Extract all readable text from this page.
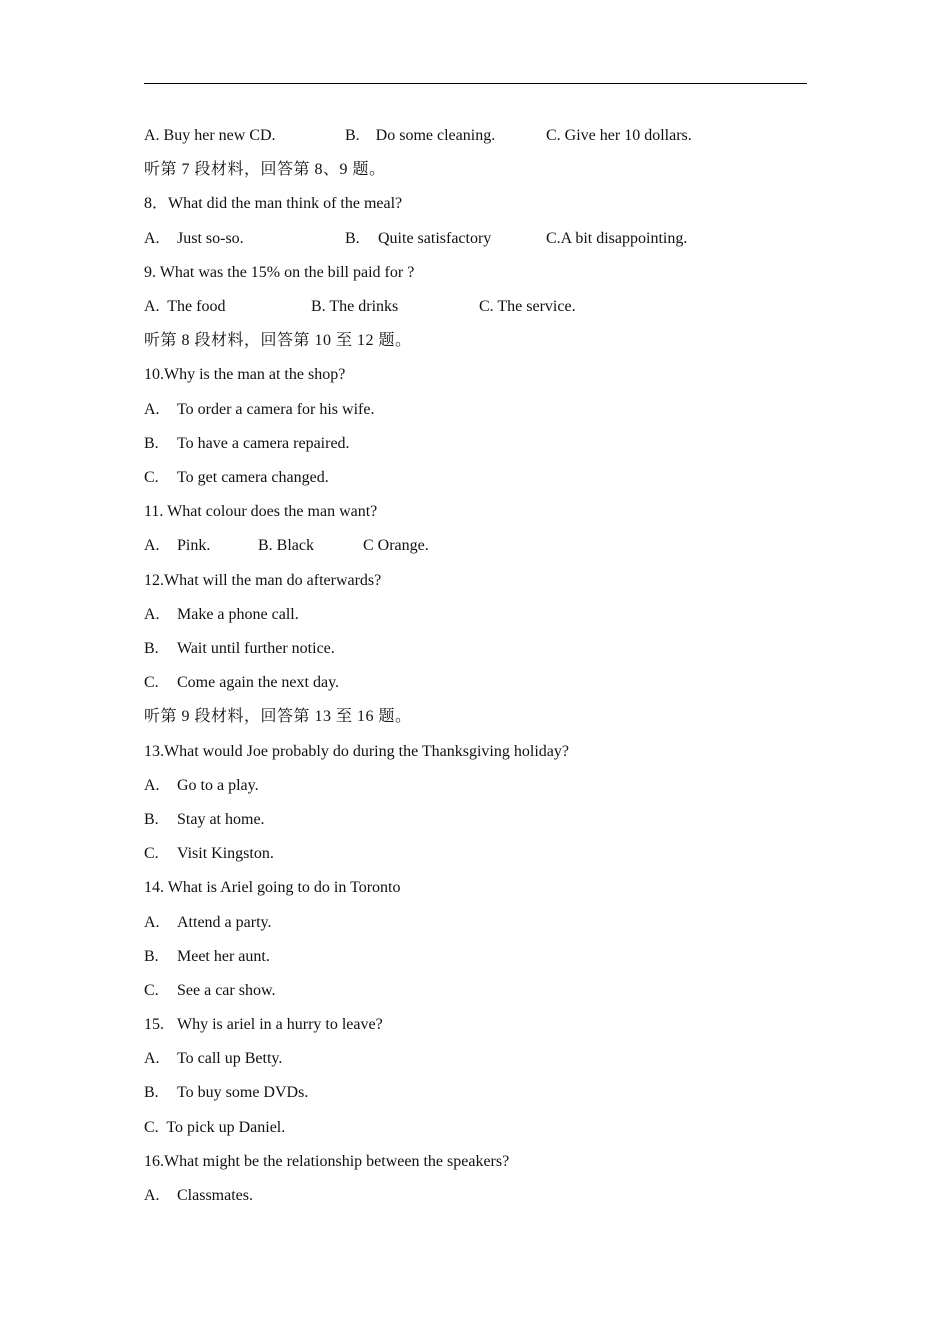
A. Buy her new CD.

	B.　Do some cleaning.

	C. Give her 10 dollars.

听第 7 段材料，回答第 8、9 题。
8．What did the man think of the meal?

A.

Just so-so.

	B.

Quite satisfactory

	C.A bit disappointing.

9. What was the 15% on the bill paid for ?

A.  The food

	B. The drinks

	C. The service.

听第 8 段材料，回答第 10 至 12 题。
10.Why is the man at the shop?
A. To order a camera for his wife.
B. To have a camera repaired.
C. To get camera changed.
11. What colour does the man want?

A.

Pink.

	B. Black

	C Orange.

12.What will the man do afterwards?
A. Make a phone call.
B. Wait until further notice.
C. Come again the next day.
听第 9 段材料，回答第 13 至 16 题。
13.What would Joe probably do during the Thanksgiving holiday?
A. Go to a play.
B. Stay at home.
C. Visit Kingston.
14. What is Ariel going to do in Toronto
A. Attend a party.
B. Meet her aunt.
C. See a car show.
15. Why is ariel in a hurry to leave?
A. To call up Betty.
B. To buy some DVDs.
C.  To pick up Daniel.
16.What might be the relationship between the speakers?
A. Classmates.
